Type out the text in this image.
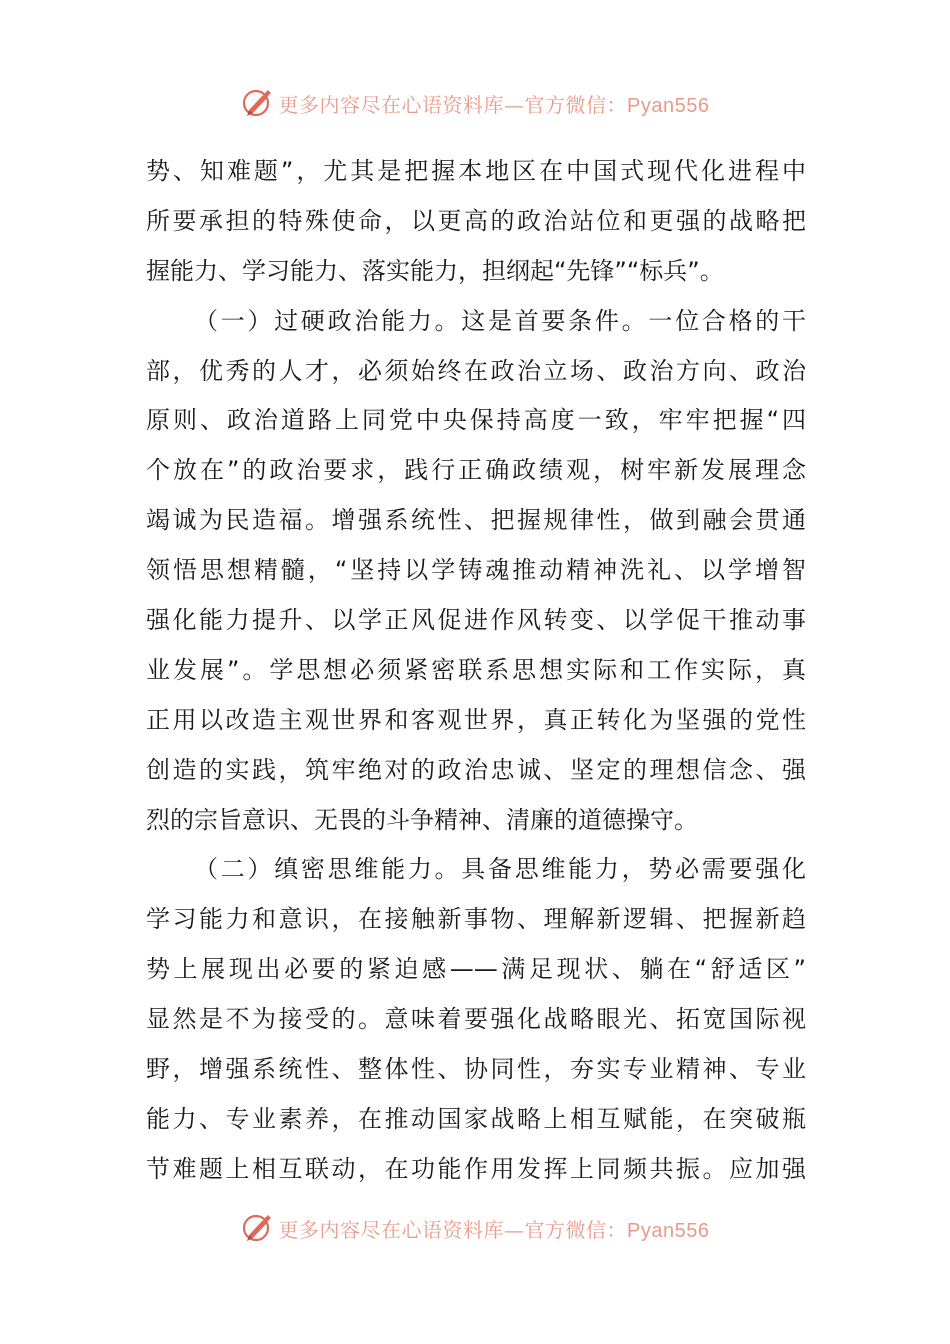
更多内容尽在心语资料库—官方微信：Pyan556
势、知难题”，尤其是把握本地区在中国式现代化进程中
所要承担的特殊使命，以更高的政治站位和更强的战略把
握能力、学习能力、落实能力，担纲起“先锋”“标兵”。
（一）过硬政治能力。这是首要条件。一位合格的干
部，优秀的人才，必须始终在政治立场、政治方向、政治
原则、政治道路上同党中央保持高度一致，牢牢把握“四
个放在”的政治要求，践行正确政绩观，树牢新发展理念
竭诚为民造福。增强系统性、把握规律性，做到融会贯通
领悟思想精髓，“坚持以学铸魂推动精神洗礼、以学增智
强化能力提升、以学正风促进作风转变、以学促干推动事
业发展”。学思想必须紧密联系思想实际和工作实际，真
正用以改造主观世界和客观世界，真正转化为坚强的党性
创造的实践，筑牢绝对的政治忠诚、坚定的理想信念、强
烈的宗旨意识、无畏的斗争精神、清廉的道德操守。
（二）缜密思维能力。具备思维能力，势必需要强化
学习能力和意识，在接触新事物、理解新逻辑、把握新趋
势上展现出必要的紧迫感——满足现状、躺在“舒适区”
显然是不为接受的。意味着要强化战略眼光、拓宽国际视
野，增强系统性、整体性、协同性，夯实专业精神、专业
能力、专业素养，在推动国家战略上相互赋能，在突破瓶
节难题上相互联动，在功能作用发挥上同频共振。应加强
更多内容尽在心语资料库—官方微信：Pyan556
